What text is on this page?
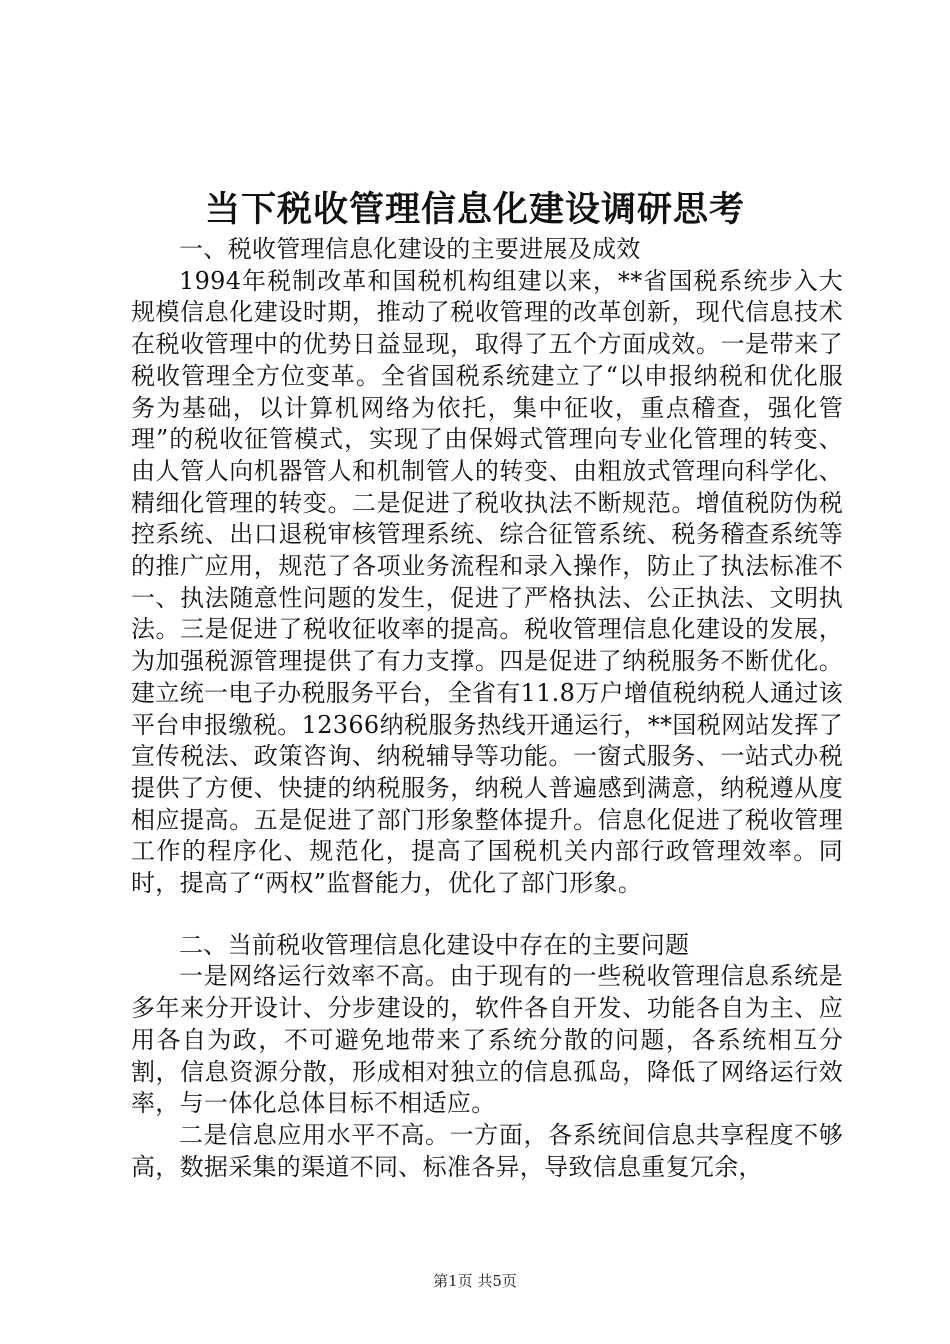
当下税收管理信息化建设调研思考

一、税收管理信息化建设的主要进展及成效

1994年税制改革和国税机构组建以来，**省国税系统步入大规模信息化建设时期，推动了税收管理的改革创新，现代信息技术在税收管理中的优势日益显现，取得了五个方面成效。一是带来了税收管理全方位变革。全省国税系统建立了“以申报纳税和优化服务为基础，以计算机网络为依托，集中征收，重点稽查，强化管理”的税收征管模式，实现了由保姆式管理向专业化管理的转变、由人管人向机器管人和机制管人的转变、由粗放式管理向科学化、精细化管理的转变。二是促进了税收执法不断规范。增值税防伪税控系统、出口退税审核管理系统、综合征管系统、税务稽查系统等的推广应用，规范了各项业务流程和录入操作，防止了执法标准不一、执法随意性问题的发生，促进了严格执法、公正执法、文明执法。三是促进了税收征收率的提高。税收管理信息化建设的发展，为加强税源管理提供了有力支撑。四是促进了纳税服务不断优化。建立统一电子办税服务平台，全省有11.8万户增值税纳税人通过该平台申报缴税。12366纳税服务热线开通运行，**国税网站发挥了宣传税法、政策咨询、纳税辅导等功能。一窗式服务、一站式办税提供了方便、快捷的纳税服务，纳税人普遍感到满意，纳税遵从度相应提高。五是促进了部门形象整体提升。信息化促进了税收管理工作的程序化、规范化，提高了国税机关内部行政管理效率。同时，提高了“两权”监督能力，优化了部门形象。

二、当前税收管理信息化建设中存在的主要问题

一是网络运行效率不高。由于现有的一些税收管理信息系统是多年来分开设计、分步建设的，软件各自开发、功能各自为主、应用各自为政，不可避免地带来了系统分散的问题，各系统相互分割，信息资源分散，形成相对独立的信息孤岛，降低了网络运行效率，与一体化总体目标不相适应。

二是信息应用水平不高。一方面，各系统间信息共享程度不够高，数据采集的渠道不同、标准各异，导致信息重复冗余，

第1页 共5页
